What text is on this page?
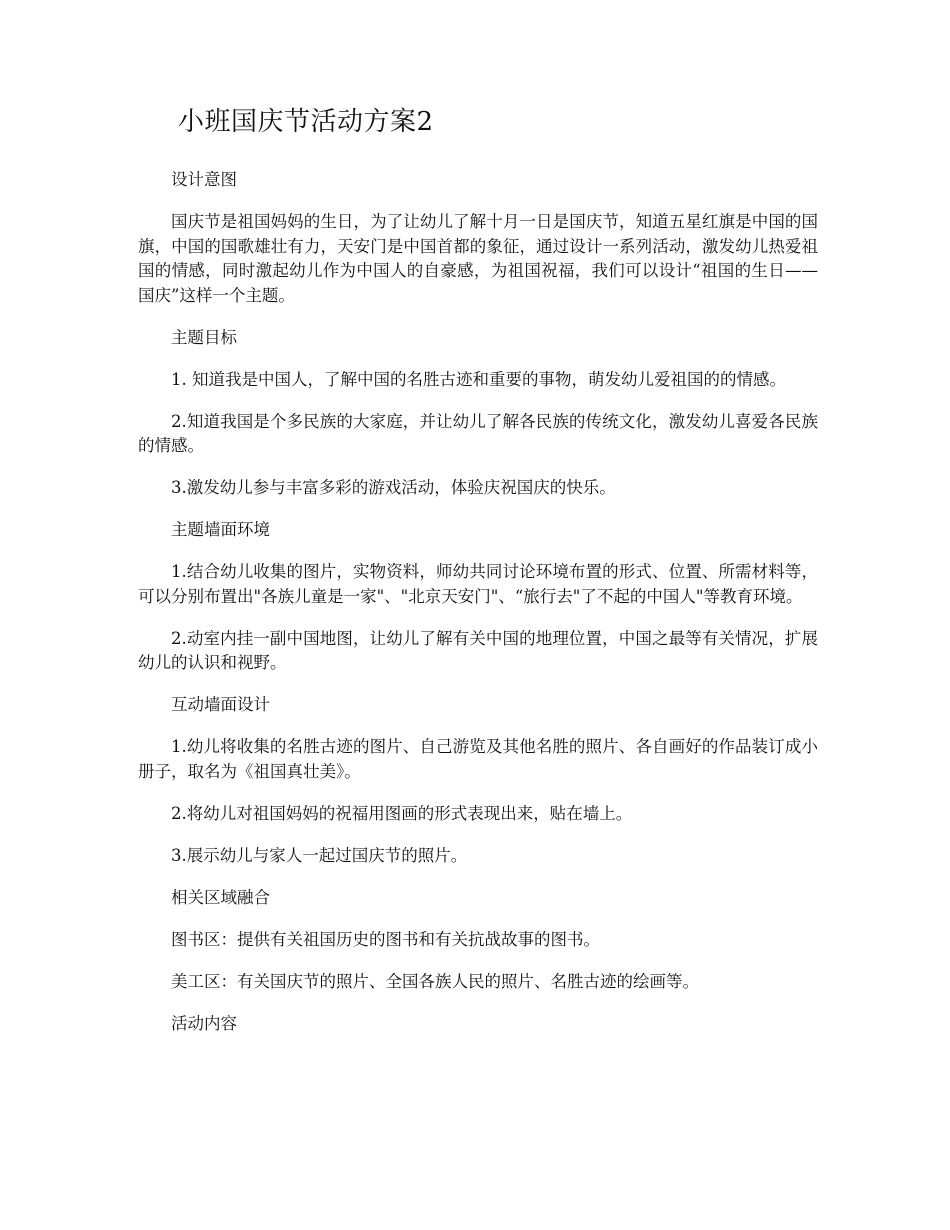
小班国庆节活动方案2

设计意图

国庆节是祖国妈妈的生日，为了让幼儿了解十月一日是国庆节，知道五星红旗是中国的国旗，中国的国歌雄壮有力，天安门是中国首都的象征，通过设计一系列活动，激发幼儿热爱祖国的情感，同时激起幼儿作为中国人的自豪感，为祖国祝福，我们可以设计“祖国的生日——国庆”这样一个主题。

主题目标

1. 知道我是中国人，了解中国的名胜古迹和重要的事物，萌发幼儿爱祖国的的情感。

2.知道我国是个多民族的大家庭，并让幼儿了解各民族的传统文化，激发幼儿喜爱各民族的情感。

3.激发幼儿参与丰富多彩的游戏活动，体验庆祝国庆的快乐。

主题墙面环境

1.结合幼儿收集的图片，实物资料，师幼共同讨论环境布置的形式、位置、所需材料等，可以分别布置出"各族儿童是一家"、"北京天安门"、“旅行去"了不起的中国人"等教育环境。

2.动室内挂一副中国地图，让幼儿了解有关中国的地理位置，中国之最等有关情况，扩展幼儿的认识和视野。

互动墙面设计

1.幼儿将收集的名胜古迹的图片、自己游览及其他名胜的照片、各自画好的作品装订成小册子，取名为《祖国真壮美》。

2.将幼儿对祖国妈妈的祝福用图画的形式表现出来，贴在墙上。

3.展示幼儿与家人一起过国庆节的照片。

相关区域融合

图书区：提供有关祖国历史的图书和有关抗战故事的图书。

美工区：有关国庆节的照片、全国各族人民的照片、名胜古迹的绘画等。

活动内容
